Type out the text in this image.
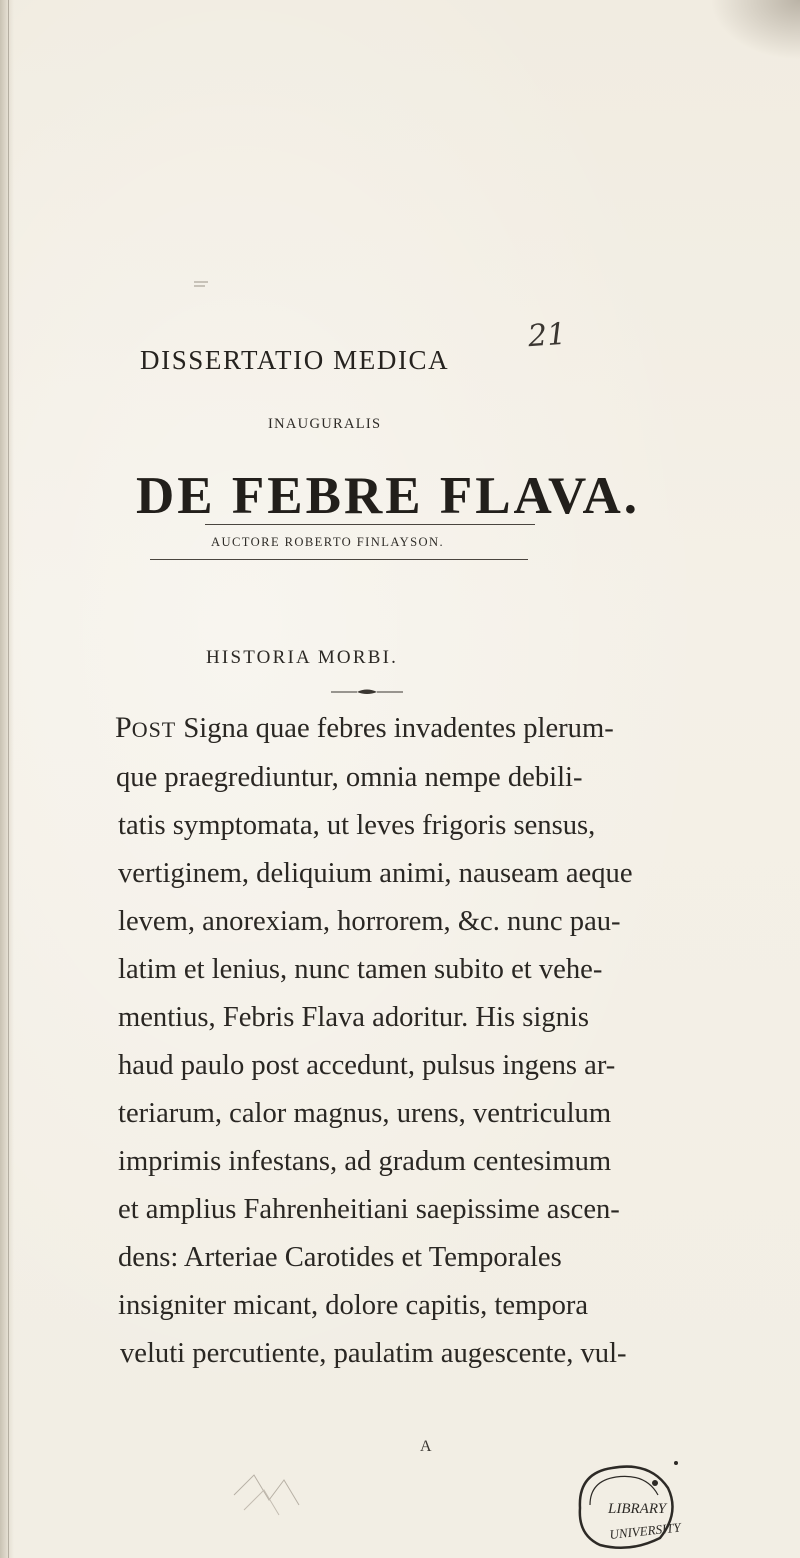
DISSERTATIO MEDICA
21
INAUGURALIS
DE FEBRE FLAVA.
AUCTORE ROBERTO FINLAYSON.
HISTORIA MORBI.
POST Signa quae febres invadentes plerum-
que praegrediuntur, omnia nempe debili-
tatis symptomata, ut leves frigoris sensus,
vertiginem, deliquium animi, nauseam aeque
levem, anorexiam, horrorem, &c. nunc pau-
latim et lenius, nunc tamen subito et vehe-
mentius, Febris Flava adoritur. His signis
haud paulo post accedunt, pulsus ingens ar-
teriarum, calor magnus, urens, ventriculum
imprimis infestans, ad gradum centesimum
et amplius Fahrenheitiani saepissime ascen-
dens: Arteriae Carotides et Temporales
insigniter micant, dolore capitis, tempora
veluti percutiente, paulatim augescente, vul-
A
LIBRARY
UNIVERSITY
